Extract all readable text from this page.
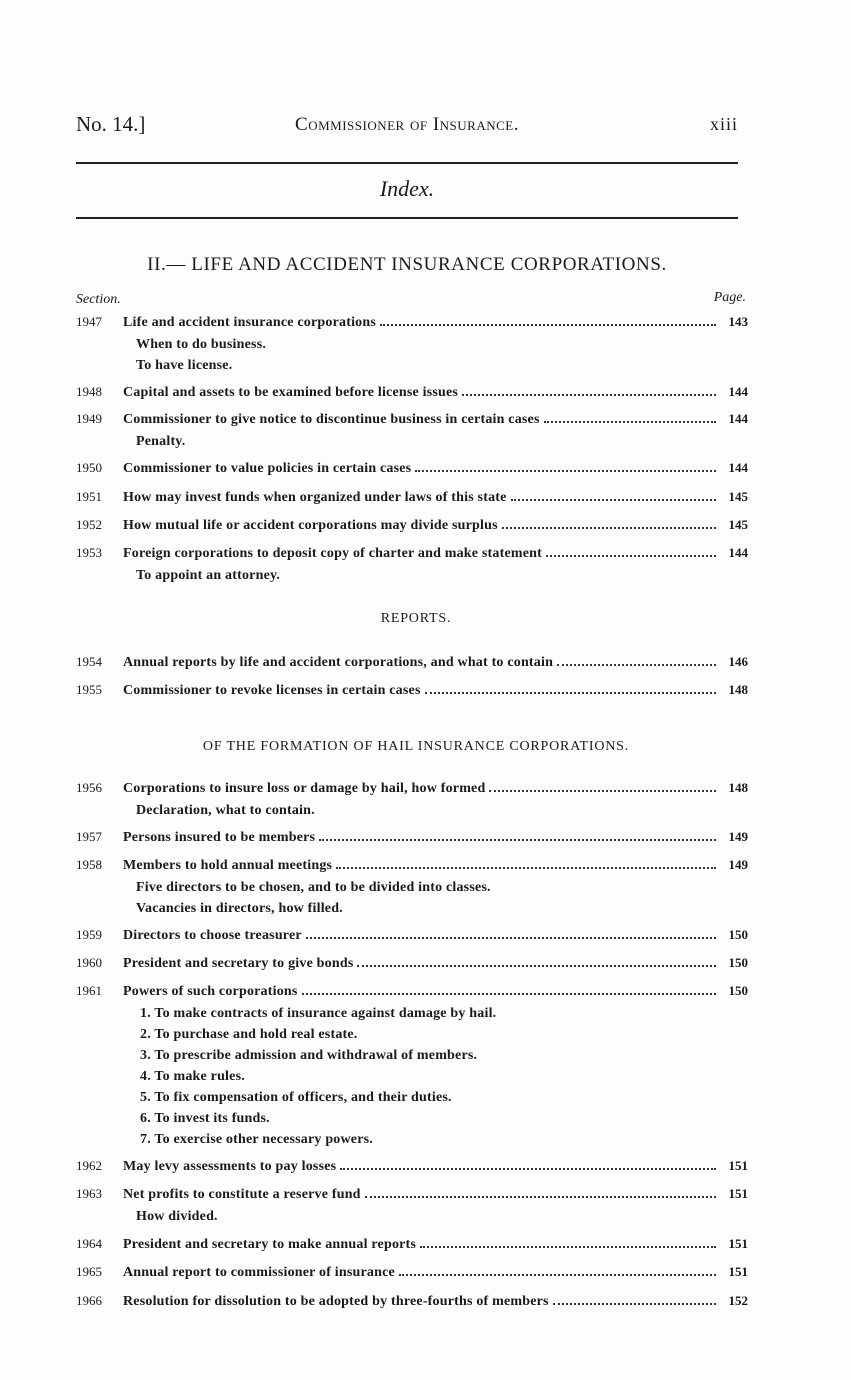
No. 14.]	Commissioner of Insurance.	xiii
Index.
II.— LIFE AND ACCIDENT INSURANCE CORPORATIONS.
Section.	Page.
REPORTS.
OF THE FORMATION OF HAIL INSURANCE CORPORATIONS.
1947	Life and accident insurance corporations	143
When to do business.
To have license.
1948	Capital and assets to be examined before license issues	144
1949	Commissioner to give notice to discontinue business in certain cases	144
Penalty.
1950	Commissioner to value policies in certain cases	144
1951	How may invest funds when organized under laws of this state	145
1952	How mutual life or accident corporations may divide surplus	145
1953	Foreign corporations to deposit copy of charter and make statement	144
To appoint an attorney.
1954	Annual reports by life and accident corporations, and what to contain	146
1955	Commissioner to revoke licenses in certain cases	148
1956	Corporations to insure loss or damage by hail, how formed	148
Declaration, what to contain.
1957	Persons insured to be members	149
1958	Members to hold annual meetings	149
Five directors to be chosen, and to be divided into classes.
Vacancies in directors, how filled.
1959	Directors to choose treasurer	150
1960	President and secretary to give bonds	150
1961	Powers of such corporations	150
1. To make contracts of insurance against damage by hail.
2. To purchase and hold real estate.
3. To prescribe admission and withdrawal of members.
4. To make rules.
5. To fix compensation of officers, and their duties.
6. To invest its funds.
7. To exercise other necessary powers.
1962	May levy assessments to pay losses	151
1963	Net profits to constitute a reserve fund	151
How divided.
1964	President and secretary to make annual reports	151
1965	Annual report to commissioner of insurance	151
1966	Resolution for dissolution to be adopted by three-fourths of members	152
